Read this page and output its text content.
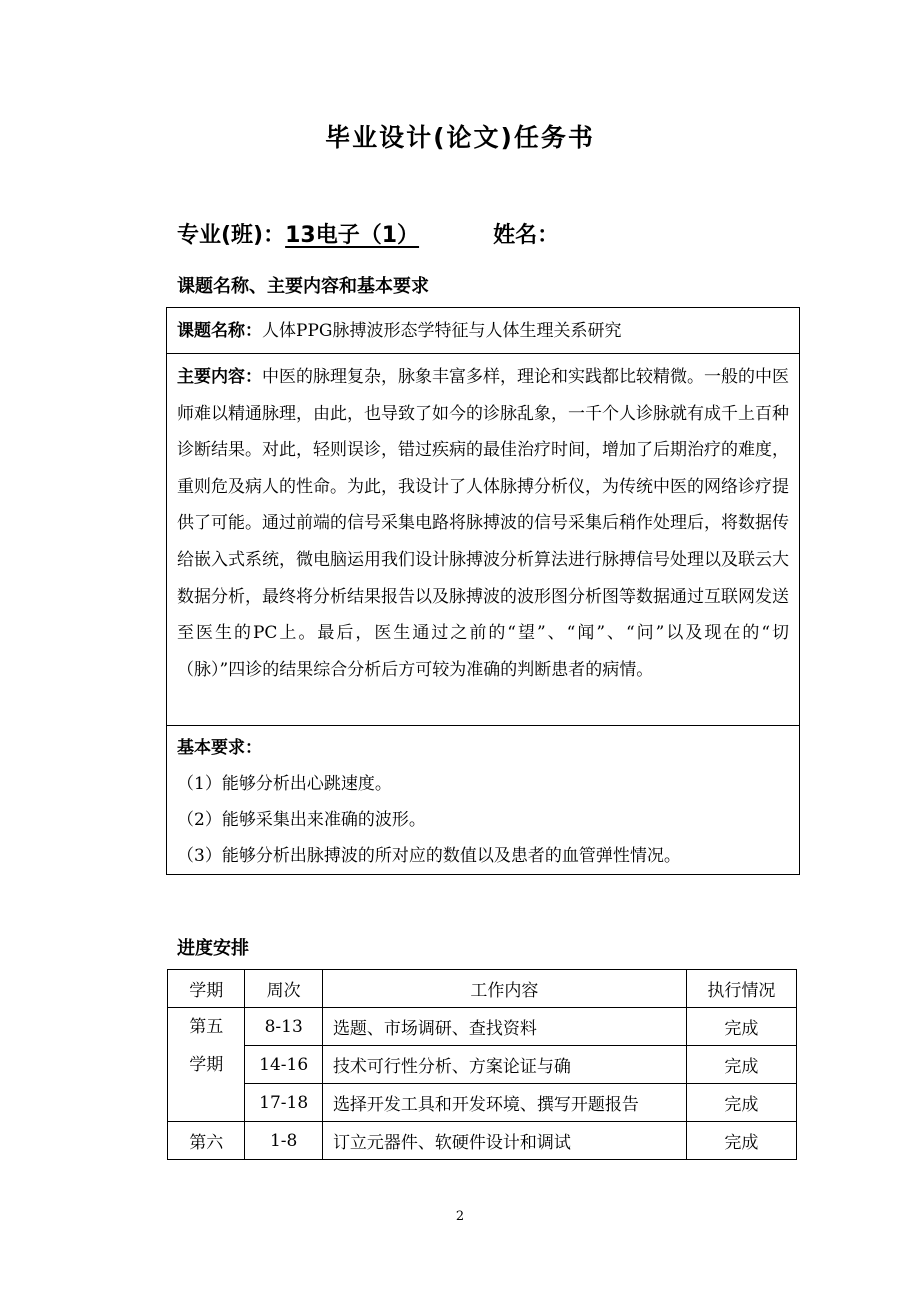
毕业设计(论文)任务书
专业(班)：13电子（1）	姓名：
课题名称、主要内容和基本要求
课题名称：人体PPG脉搏波形态学特征与人体生理关系研究
主要内容：中医的脉理复杂，脉象丰富多样，理论和实践都比较精微。一般的中医师难以精通脉理，由此，也导致了如今的诊脉乱象，一千个人诊脉就有成千上百种诊断结果。对此，轻则误诊，错过疾病的最佳治疗时间，增加了后期治疗的难度，重则危及病人的性命。为此，我设计了人体脉搏分析仪，为传统中医的网络诊疗提供了可能。通过前端的信号采集电路将脉搏波的信号采集后稍作处理后，将数据传给嵌入式系统，微电脑运用我们设计脉搏波分析算法进行脉搏信号处理以及联云大数据分析，最终将分析结果报告以及脉搏波的波形图分析图等数据通过互联网发送至医生的PC上。最后，医生通过之前的“望”、“闻”、“问”以及现在的“切（脉）”四诊的结果综合分析后方可较为准确的判断患者的病情。
基本要求：
（1）能够分析出心跳速度。
（2）能够采集出来准确的波形。
（3）能够分析出脉搏波的所对应的数值以及患者的血管弹性情况。
进度安排
学期	周次	工作内容	执行情况

第五
学期	8-13	选题、市场调研、查找资料	完成
	14-16	技术可行性分析、方案论证与确	完成
	17-18	选择开发工具和开发环境、撰写开题报告	完成
第六	1-8	订立元器件、软硬件设计和调试	完成
2
